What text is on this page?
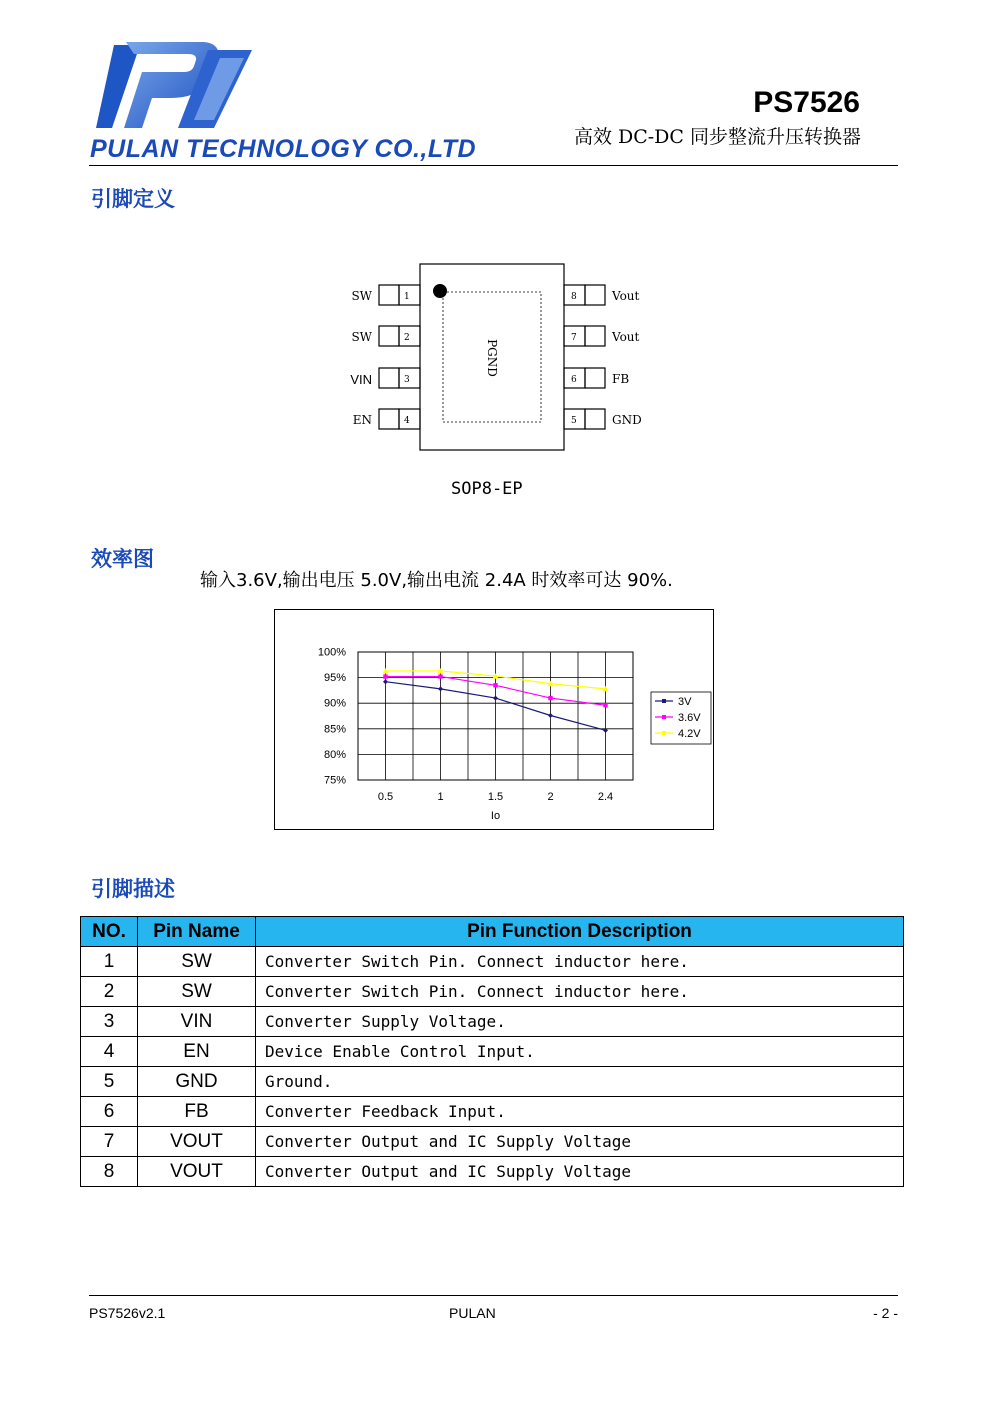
PULAN TECHNOLOGY CO.,LTD
PS7526
高效 DC-DC 同步整流升压转换器
引脚定义
PGND
1
SW
2
SW
3
VIN
4
EN
8	Vout
7	Vout
6	FB
5	GND
SOP8-EP
效率图
输入3.6V,输出电压 5.0V,输出电流 2.4A 时效率可达 90%.
75%
80%
85%
90%
95%
100%
0.5	1	1.5	2	2.4
Io
3V
3.6V
4.2V
引脚描述
NO.	Pin Name	Pin Function Description
1	SW	Converter Switch Pin. Connect inductor here.
2	SW	Converter Switch Pin. Connect inductor here.
3	VIN	Converter Supply Voltage.
4	EN	Device Enable Control Input.
5	GND	Ground.
6	FB	Converter Feedback Input.
7	VOUT	Converter Output and IC Supply Voltage
8	VOUT	Converter Output and IC Supply Voltage
PS7526v2.1	PULAN	- 2 -
